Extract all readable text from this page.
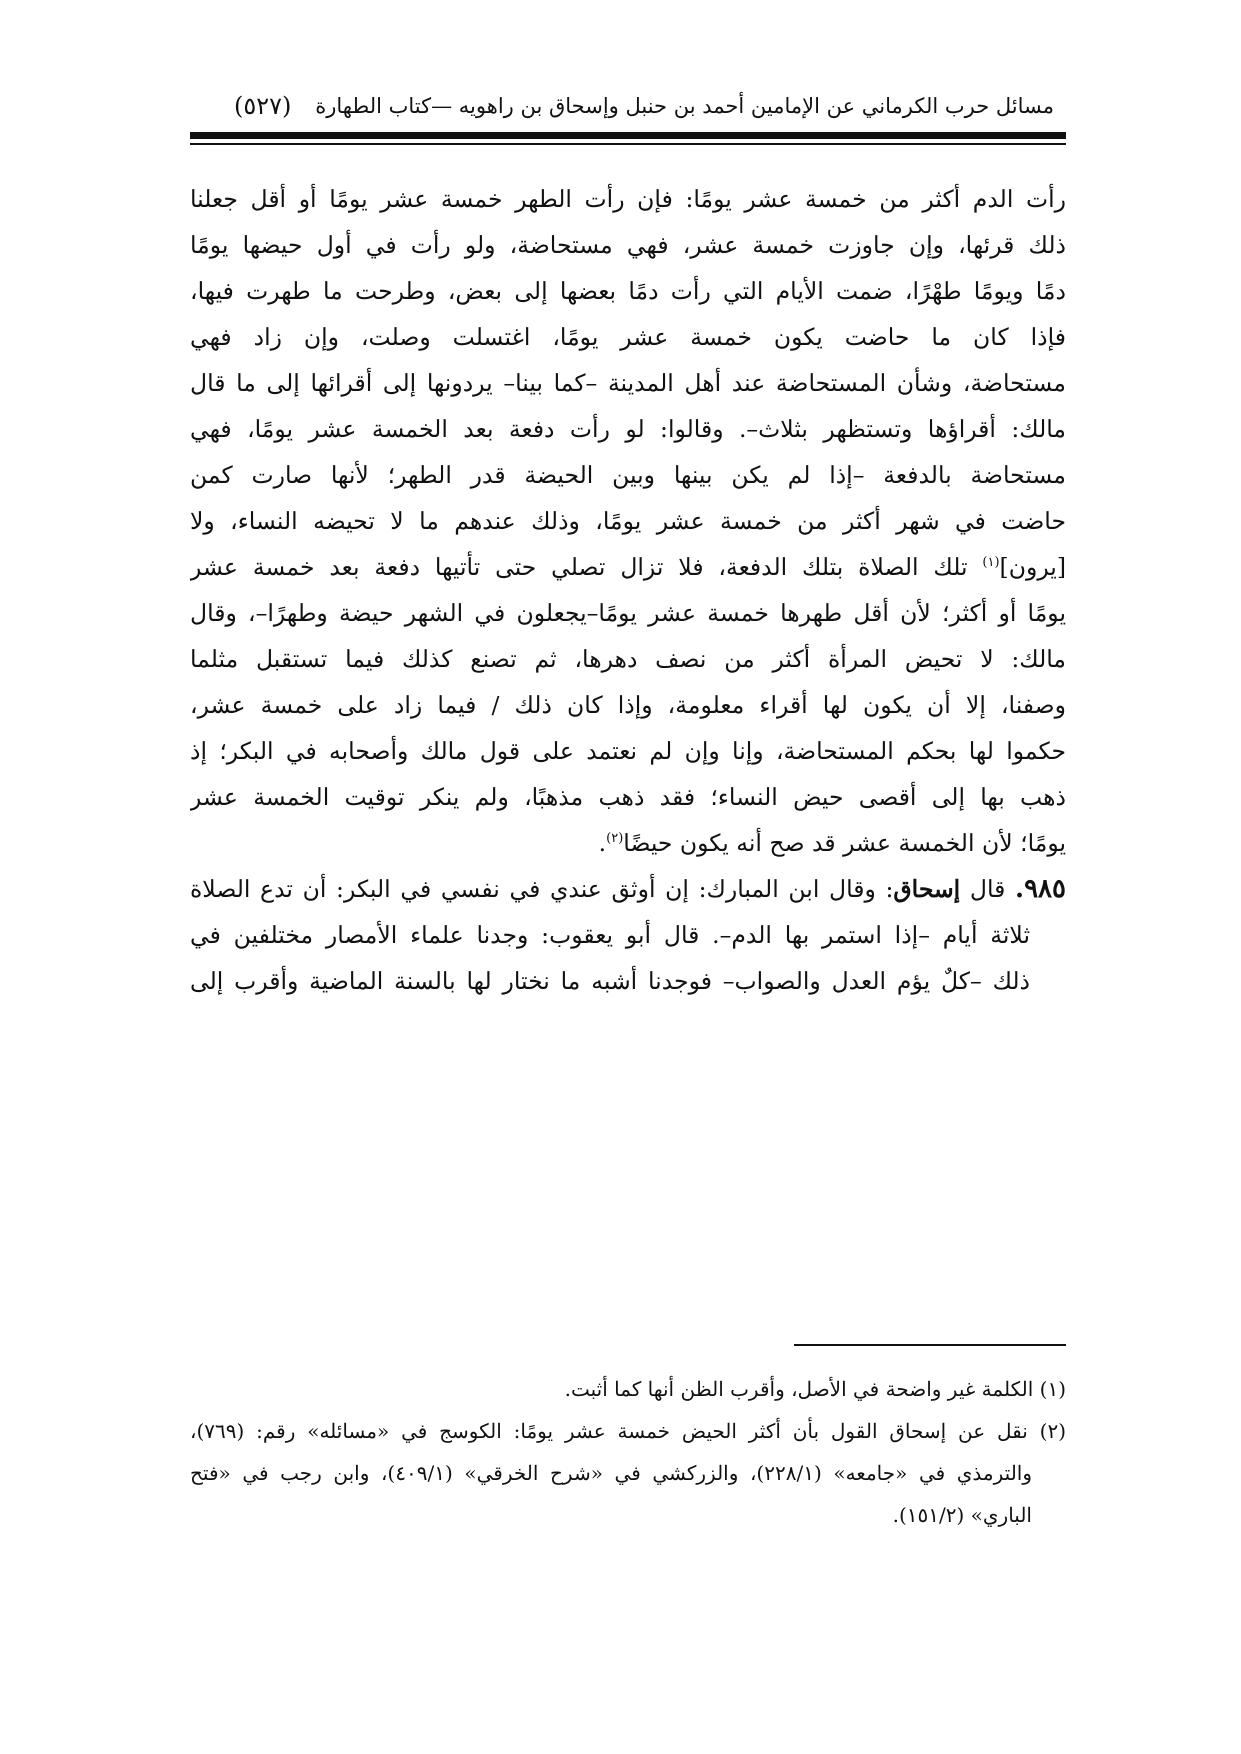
مسائل حرب الكرماني عن الإمامين أحمد بن حنبل وإسحاق بن راهويه —كتاب الطهارة
(٥٢٧)
رأت الدم أكثر من خمسة عشر يومًا: فإن رأت الطهر خمسة عشر يومًا أو أقل جعلنا
ذلك قرئها، وإن جاوزت خمسة عشر، فهي مستحاضة، ولو رأت في أول حيضها يومًا
دمًا ويومًا طهْرًا، ضمت الأيام التي رأت دمًا بعضها إلى بعض، وطرحت ما طهرت فيها،
فإذا كان ما حاضت يكون خمسة عشر يومًا، اغتسلت وصلت، وإن زاد فهي
مستحاضة، وشأن المستحاضة عند أهل المدينة –كما بينا– يردونها إلى أقرائها إلى ما قال
مالك: أقراؤها وتستظهر بثلاث–. وقالوا: لو رأت دفعة بعد الخمسة عشر يومًا، فهي
مستحاضة بالدفعة –إذا لم يكن بينها وبين الحيضة قدر الطهر؛ لأنها صارت كمن
حاضت في شهر أكثر من خمسة عشر يومًا، وذلك عندهم ما لا تحيضه النساء، ولا
[يرون]$^{(١)}$ تلك الصلاة بتلك الدفعة، فلا تزال تصلي حتى تأتيها دفعة بعد خمسة عشر
يومًا أو أكثر؛ لأن أقل طهرها خمسة عشر يومًا–يجعلون في الشهر حيضة وطهرًا–، وقال
مالك: لا تحيض المرأة أكثر من نصف دهرها، ثم تصنع كذلك فيما تستقبل مثلما
وصفنا، إلا أن يكون لها أقراء معلومة، وإذا كان ذلك / فيما زاد على خمسة عشر،
حكموا لها بحكم المستحاضة، وإنا وإن لم نعتمد على قول مالك وأصحابه في البكر؛ إذ
ذهب بها إلى أقصى حيض النساء؛ فقد ذهب مذهبًا، ولم ينكر توقيت الخمسة عشر
يومًا؛ لأن الخمسة عشر قد صح أنه يكون حيضًا$^{(٢)}$.
٩٨٥. قال إسحاق: وقال ابن المبارك: إن أوثق عندي في نفسي في البكر: أن تدع الصلاة
ثلاثة أيام –إذا استمر بها الدم–. قال أبو يعقوب: وجدنا علماء الأمصار مختلفين في
ذلك –كلٌ يؤم العدل والصواب– فوجدنا أشبه ما نختار لها بالسنة الماضية وأقرب إلى
(١) الكلمة غير واضحة في الأصل، وأقرب الظن أنها كما أثبت.
(٢) نقل عن إسحاق القول بأن أكثر الحيض خمسة عشر يومًا: الكوسج في «مسائله» رقم: (٧٦٩)،
والترمذي في «جامعه» (٢٢٨/١)، والزركشي في «شرح الخرقي» (٤٠٩/١)، وابن رجب في «فتح
الباري» (١٥١/٢).
